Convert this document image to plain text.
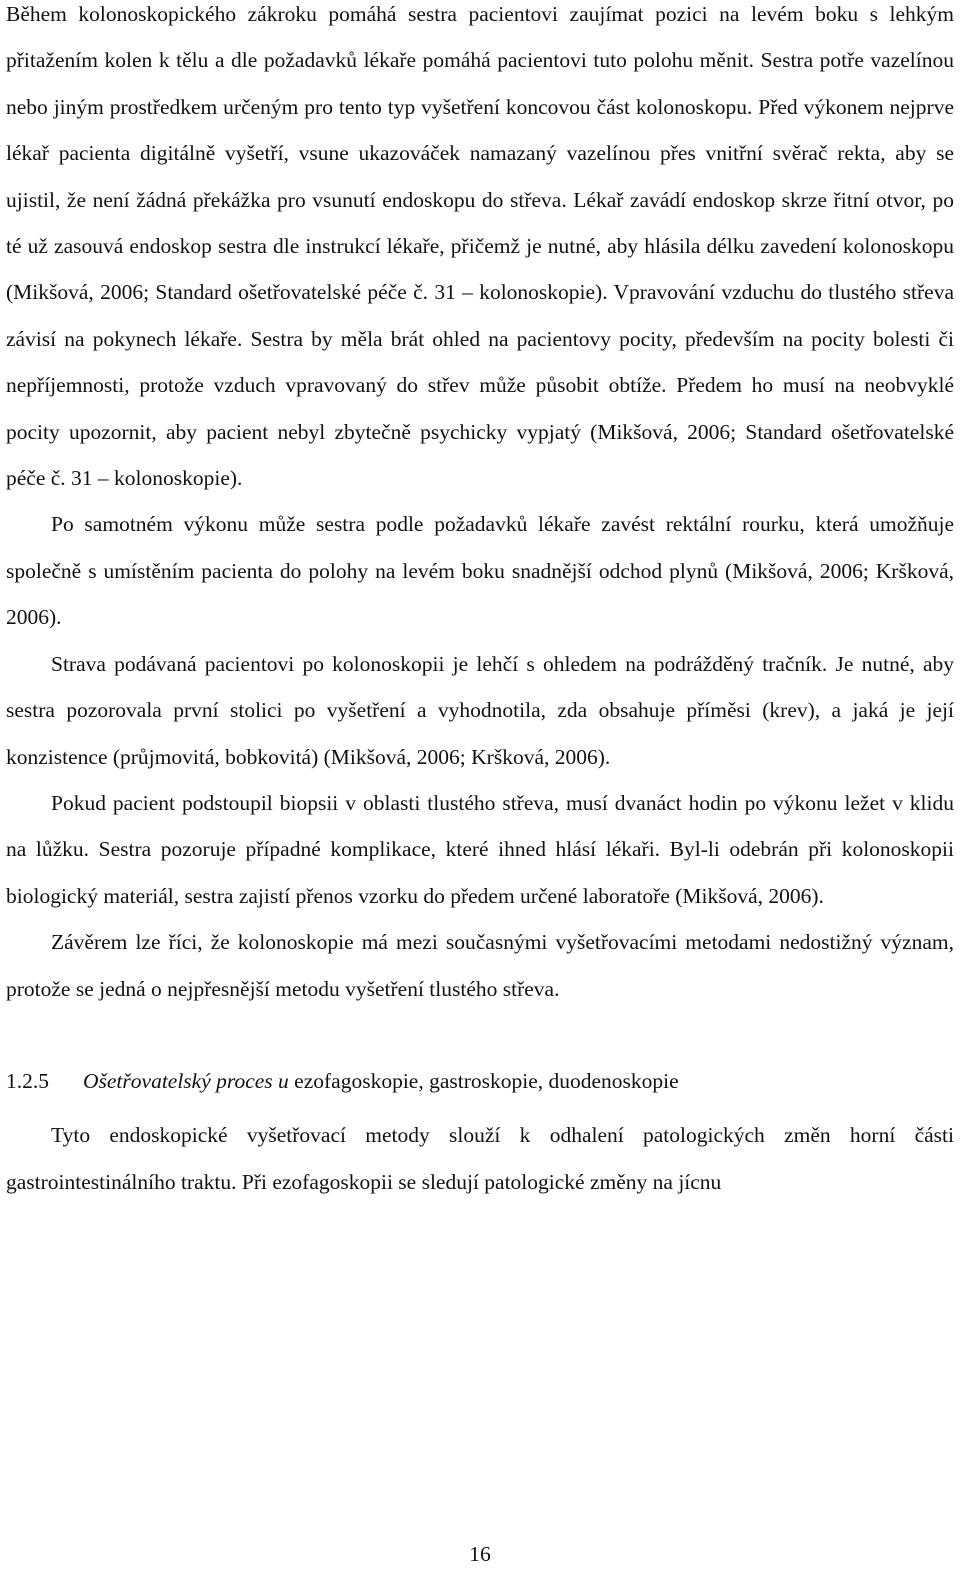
Během kolonoskopického zákroku pomáhá sestra pacientovi zaujímat pozici na levém boku s lehkým přitažením kolen k tělu a dle požadavků lékaře pomáhá pacientovi tuto polohu měnit. Sestra potře vazelínou nebo jiným prostředkem určeným pro tento typ vyšetření koncovou část kolonoskopu. Před výkonem nejprve lékař pacienta digitálně vyšetří, vsune ukazováček namazaný vazelínou přes vnitřní svěrač rekta, aby se ujistil, že není žádná překážka pro vsunutí endoskopu do střeva. Lékař zavádí endoskop skrze řitní otvor, po té už zasouvá endoskop sestra dle instrukcí lékaře, přičemž je nutné, aby hlásila délku zavedení kolonoskopu (Mikšová, 2006; Standard ošetřovatelské péče č. 31 – kolonoskopie). Vpravování vzduchu do tlustého střeva závisí na pokynech lékaře. Sestra by měla brát ohled na pacientovy pocity, především na pocity bolesti či nepříjemnosti, protože vzduch vpravovaný do střev může působit obtíže. Předem ho musí na neobvyklé pocity upozornit, aby pacient nebyl zbytečně psychicky vypjatý (Mikšová, 2006; Standard ošetřovatelské péče č. 31 – kolonoskopie).

Po samotném výkonu může sestra podle požadavků lékaře zavést rektální rourku, která umožňuje společně s umístěním pacienta do polohy na levém boku snadnější odchod plynů (Mikšová, 2006; Kršková, 2006).

Strava podávaná pacientovi po kolonoskopii je lehčí s ohledem na podrážděný tračník. Je nutné, aby sestra pozorovala první stolici po vyšetření a vyhodnotila, zda obsahuje příměsi (krev), a jaká je její konzistence (průjmovitá, bobkovitá) (Mikšová, 2006; Kršková, 2006).

Pokud pacient podstoupil biopsii v oblasti tlustého střeva, musí dvanáct hodin po výkonu ležet v klidu na lůžku. Sestra pozoruje případné komplikace, které ihned hlásí lékaři. Byl-li odebrán při kolonoskopii biologický materiál, sestra zajistí přenos vzorku do předem určené laboratoře (Mikšová, 2006).

Závěrem lze říci, že kolonoskopie má mezi současnými vyšetřovacími metodami nedostižný význam, protože se jedná o nejpřesnější metodu vyšetření tlustého střeva.

1.2.5 Ošetřovatelský proces u ezofagoskopie, gastroskopie, duodenoskopie

Tyto endoskopické vyšetřovací metody slouží k odhalení patologických změn horní části gastrointestinálního traktu. Při ezofagoskopii se sledují patologické změny na jícnu

16
